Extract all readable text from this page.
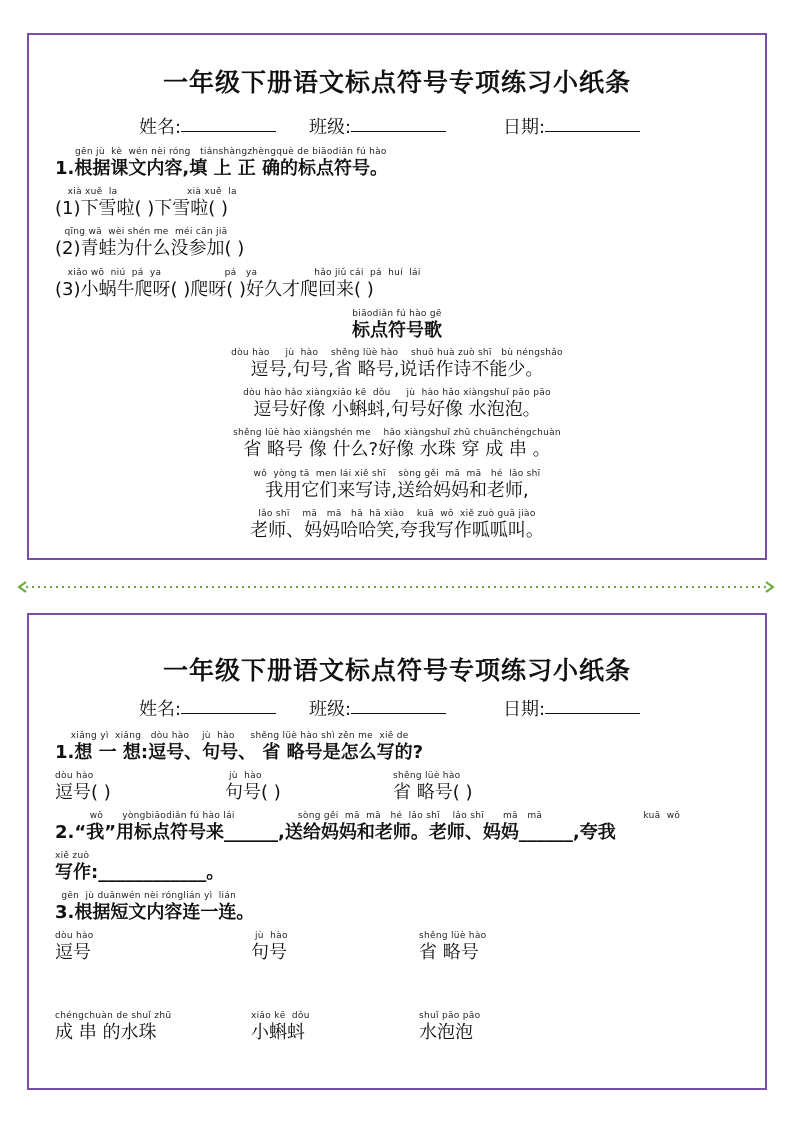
一年级下册语文标点符号专项练习小纸条
姓名:	班级:	日期:
gēn jù  kè  wén nèi róng   tiánshàngzhèngquè de biāodiǎn fú hào
1.根据课文内容,填 上 正 确的标点符号。
xià xuě  la                      xià xuě  la
(1)下雪啦( )下雪啦( )
qīng wā  wèi shén me  méi cān jiā
(2)青蛙为什么没参加( )
xiǎo wō  niú  pá  ya                    pá   ya                  hǎo jiǔ cái  pá  huí  lái
(3)小蜗牛爬呀( )爬呀( )好久才爬回来( )
biāodiǎn fú hào gē
标点符号歌
dòu hào     jù  hào    shěng lüè hào    shuō huà zuò shī   bù néngshǎo
逗号,句号,省 略号,说话作诗不能少。
dòu hào hǎo xiàngxiǎo kē  dǒu     jù  hào hǎo xiàngshuǐ pāo pāo
逗号好像 小蝌蚪,句号好像 水泡泡。
shěng lüè hào xiàngshén me    hǎo xiàngshuǐ zhū chuānchéngchuàn
省 略号 像 什么?好像 水珠 穿 成 串 。
wǒ  yòng tā  men lái xiě shī    sòng gěi  mā  mā   hé  lǎo shī
我用它们来写诗,送给妈妈和老师,
lǎo shī    mā   mā   hā  hā xiào    kuā  wǒ  xiě zuò guā jiào
老师、妈妈哈哈笑,夸我写作呱呱叫。
一年级下册语文标点符号专项练习小纸条
姓名:	班级:	日期:
xiǎng yì  xiǎng   dòu hào    jù  hào     shěng lüè hào shì zěn me  xiě de
1.想 一 想:逗号、句号、 省 略号是怎么写的?
dòu hào
逗号( )
jù  hào
句号( )
shěng lüè hào
省 略号( )
wǒ      yòngbiāodiǎn fú hào lái                    sòng gěi  mā  mā   hé  lǎo shī    lǎo shī      mā   mā                                kuā  wǒ
2.“我”用标点符号来______,送给妈妈和老师。老师、妈妈______,夸我
xiě zuò
写作:____________。
gēn  jù duǎnwén nèi rónglián yì  lián
3.根据短文内容连一连。
dòu hào
逗号
jù  hào
句号
shěng lüè hào
省 略号
chéngchuàn de shuǐ zhū
成 串 的水珠
xiǎo kē  dǒu
小蝌蚪
shuǐ pāo pāo
水泡泡
